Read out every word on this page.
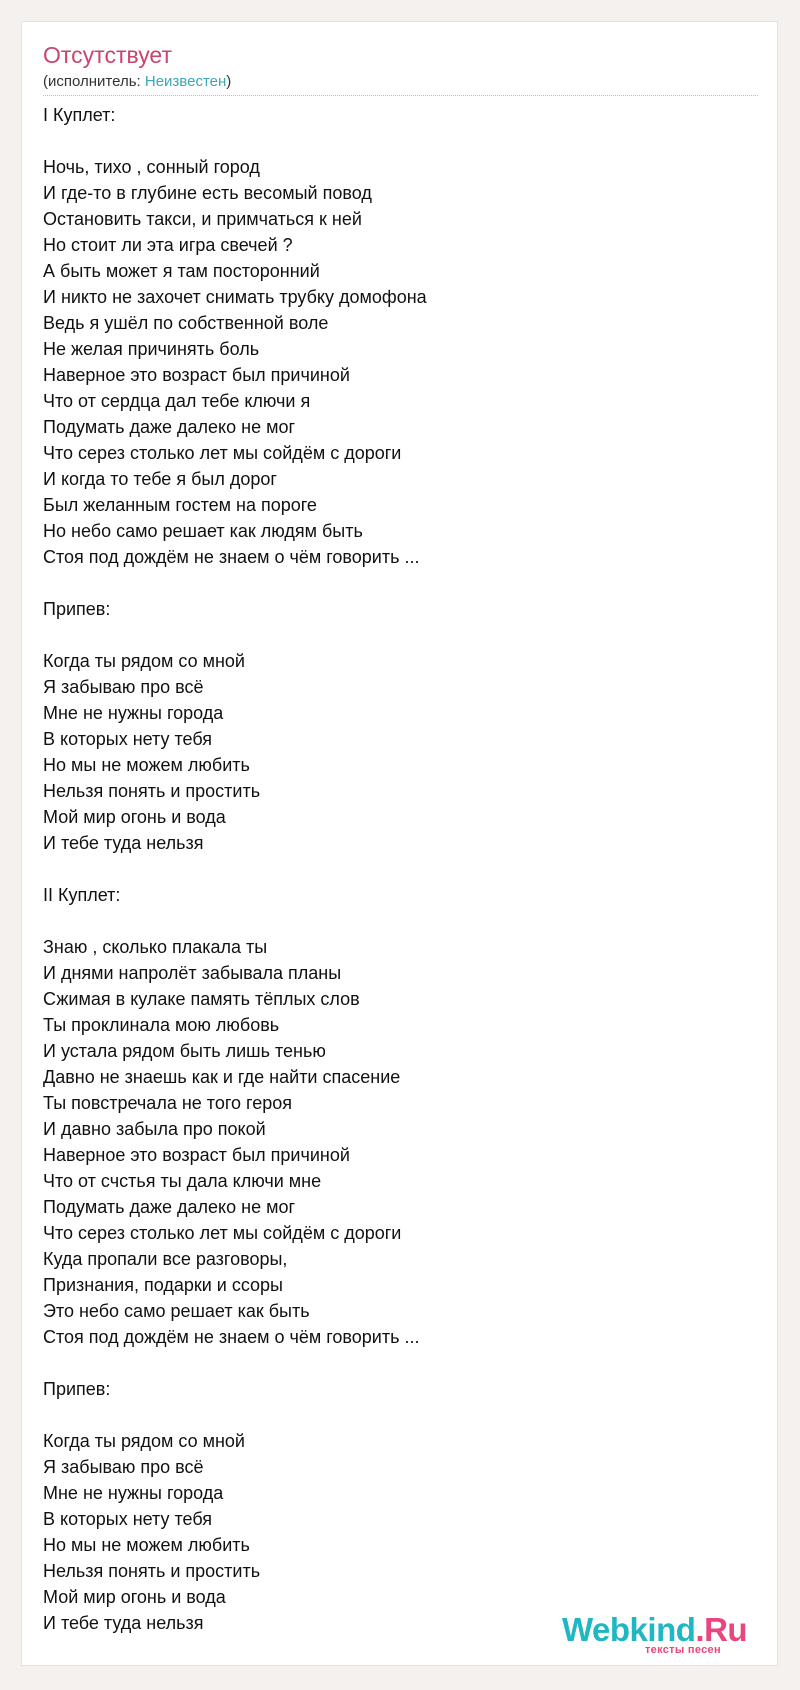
Отсутствует
(исполнитель: Неизвестен)
I Куплет:

Ночь, тихо , сонный город
И где-то в глубине есть весомый повод
Остановить такси, и примчаться к ней
Но стоит ли эта игра свечей ?
А быть может я там посторонний
И никто не захочет снимать трубку домофона
Ведь я ушёл по собственной воле
Не желая причинять боль
Наверное это возраст был причиной
Что от сердца дал тебе ключи я
Подумать даже далеко не мог
Что серез столько лет мы сойдём с дороги
И когда то тебе я был дорог
Был желанным гостем на пороге
Но небо само решает как людям быть
Стоя под дождём не знаем о чём говорить ...

Припев:

Когда ты рядом со мной
Я забываю про всё
Мне не нужны города
В которых нету тебя
Но мы не можем любить
Нельзя понять и простить
Мой мир огонь и вода
И тебе туда нельзя

II Куплет:

Знаю , сколько плакала ты
И днями напролёт забывала планы
Сжимая в кулаке память тёплых слов
Ты проклинала мою любовь
И устала рядом быть лишь тенью
Давно не знаешь как и где найти спасение
Ты повстречала не того героя
И давно забыла про покой
Наверное это возраст был причиной
Что от счстья ты дала ключи мне
Подумать даже далеко не мог
Что серез столько лет мы сойдём с дороги
Куда пропали все разговоры,
Признания, подарки и ссоры
Это небо само решает как быть
Стоя под дождём не знаем о чём говорить ...

Припев:

Когда ты рядом со мной
Я забываю про всё
Мне не нужны города
В которых нету тебя
Но мы не можем любить
Нельзя понять и простить
Мой мир огонь и вода
И тебе туда нельзя	Webkind.Ru
тексты песен
